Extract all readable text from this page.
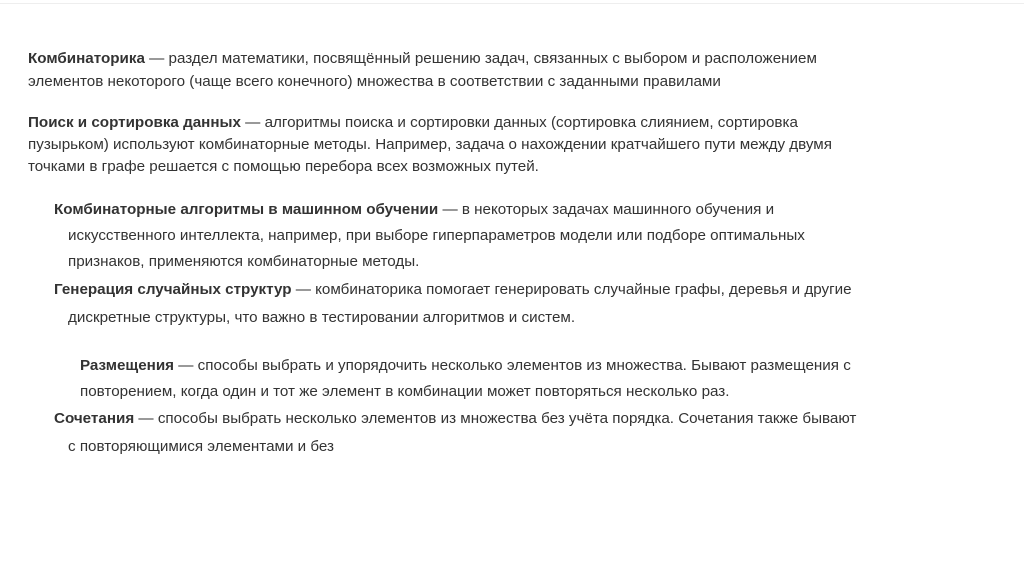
Комбинаторика — раздел математики, посвящённый решению задач, связанных с выбором и расположением
элементов некоторого (чаще всего конечного) множества в соответствии с заданными правилами
Поиск и сортировка данных — алгоритмы поиска и сортировки данных (сортировка слиянием, сортировка
пузырьком) используют комбинаторные методы. Например, задача о нахождении кратчайшего пути между двумя
точками в графе решается с помощью перебора всех возможных путей.
Комбинаторные алгоритмы в машинном обучении — в некоторых задачах машинного обучения и
искусственного интеллекта, например, при выборе гиперпараметров модели или подборе оптимальных
признаков, применяются комбинаторные методы.
Генерация случайных структур — комбинаторика помогает генерировать случайные графы, деревья и другие
дискретные структуры, что важно в тестировании алгоритмов и систем.
Размещения — способы выбрать и упорядочить несколько элементов из множества. Бывают размещения с
повторением, когда один и тот же элемент в комбинации может повторяться несколько раз.
Сочетания — способы выбрать несколько элементов из множества без учёта порядка. Сочетания также бывают
с повторяющимися элементами и без
